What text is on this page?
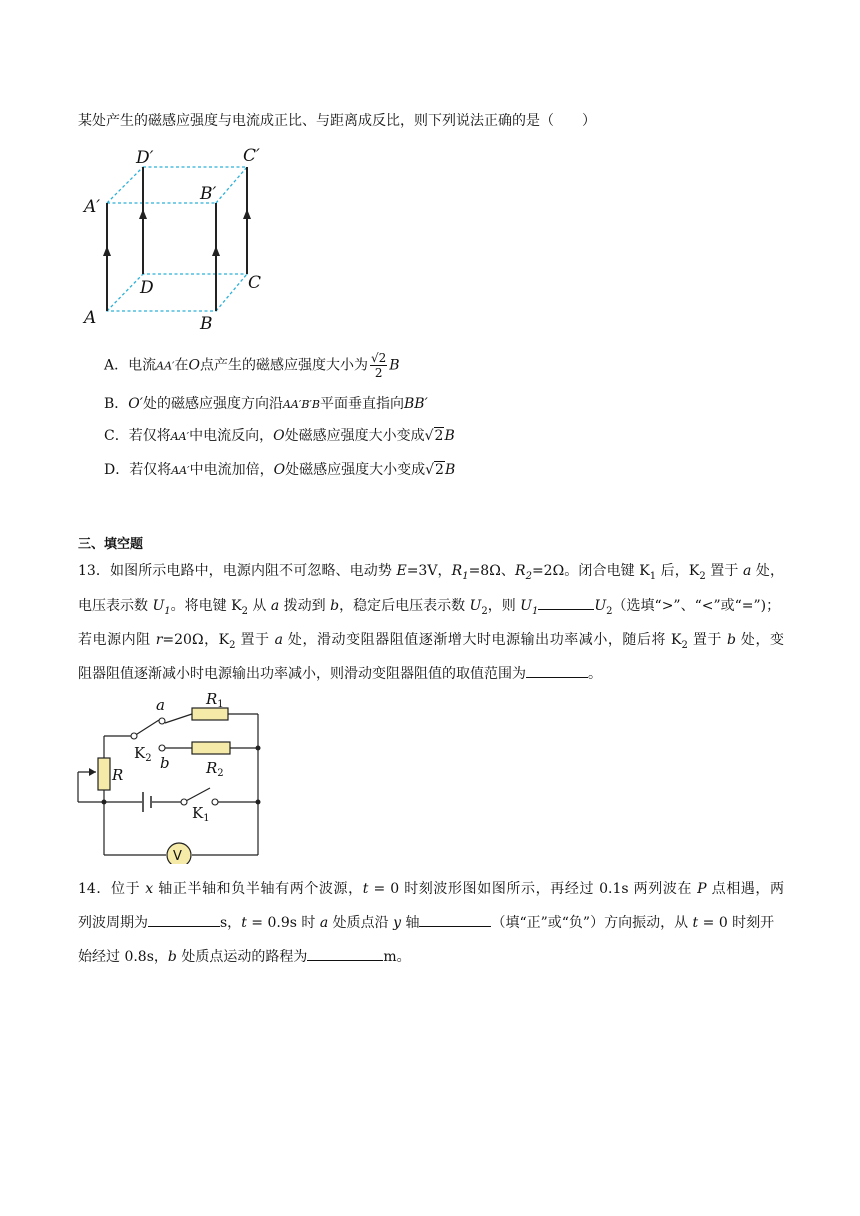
某处产生的磁感应强度与电流成正比、与距离成反比，则下列说法正确的是（　　）
A	B
C
D
A′
B′
C′
D′
A．电流AA′在O点产生的磁感应强度大小为 $\frac{√2}{2}$ B
B．O′处的磁感应强度方向沿AA′B′B平面垂直指向BB′
C．若仅将AA′中电流反向，O处磁感应强度大小变成√2B
D．若仅将AA′中电流加倍，O处磁感应强度大小变成√2B
三、填空题
13．如图所示电路中，电源内阻不可忽略、电动势 E=3V，$R_1=8\Omega$、$R_2=2\Omega$。闭合电键 $K_1$ 后，$K_2$ 置于 a 处，
电压表示数 $U_1$。将电键 $K_2$ 从 a 拨动到 b，稳定后电压表示数 $U_2$，则 $U_1$	$U_2$（选填“>”、“<”或“=”)；
若电源内阻 r=20Ω，$K_2$ 置于 a 处，滑动变阻器阻值逐渐增大时电源输出功率减小，随后将 $K_2$ 置于 b 处，变
阻器阻值逐渐减小时电源输出功率减小，则滑动变阻器阻值的取值范围为	。
V
a
b
$R_1$
$R_2$
R
$K_2$
$K_1$
14．位于 x 轴正半轴和负半轴有两个波源，t = 0 时刻波形图如图所示，再经过 0.1s 两列波在 P 点相遇，两
列波周期为	s，t = 0.9s 时 a 处质点沿 y 轴	（填“正”或“负”）方向振动，从 t = 0 时刻开
始经过 0.8s，b 处质点运动的路程为	m。
